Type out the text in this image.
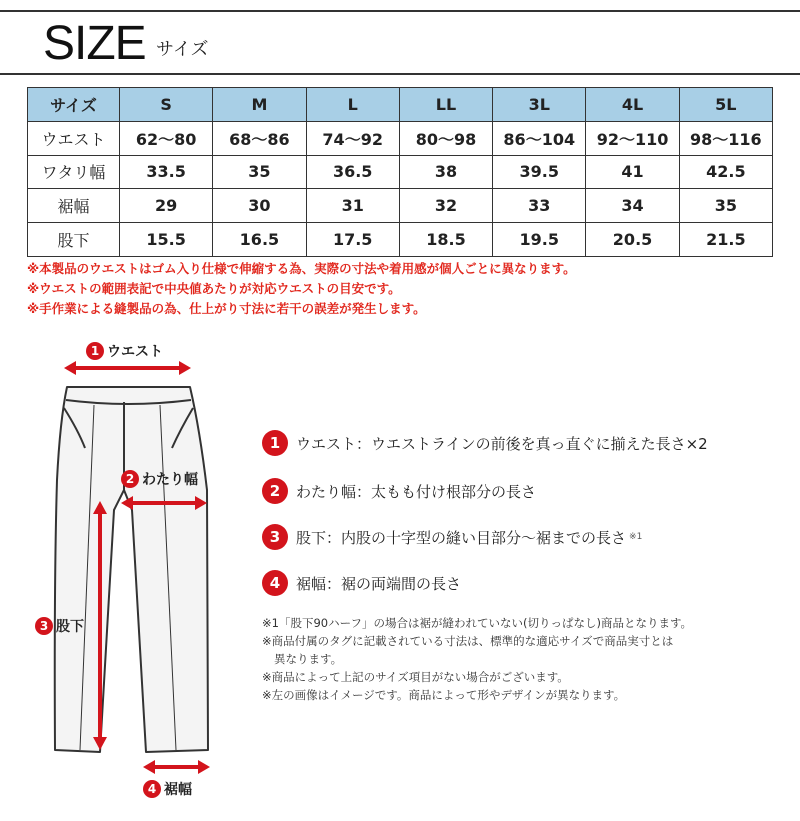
SIZE サイズ
サイズ	S	M	L	LL	3L	4L	5L
ウエスト	62〜80	68〜86	74〜92	80〜98	86〜104	92〜110	98〜116
ワタリ幅	33.5	35	36.5	38	39.5	41	42.5
裾幅	29	30	31	32	33	34	35
股下	15.5	16.5	17.5	18.5	19.5	20.5	21.5
※本製品のウエストはゴム入り仕様で伸縮する為、実際の寸法や着用感が個人ごとに異なります。
※ウエストの範囲表記で中央値あたりが対応ウエストの目安です。
※手作業による縫製品の為、仕上がり寸法に若干の誤差が発生します。
1 ウエスト
2 わたり幅
3 股下
4 裾幅
1	ウエスト ：ウエストラインの前後を真っ直ぐに揃えた長さ×2
2	わたり幅 ：太もも付け根部分の長さ
3	股下 ：内股の十字型の縫い目部分〜裾までの長さ ※1
4	裾幅 ：裾の両端間の長さ
※1「股下90ハーフ」の場合は裾が縫われていない(切りっぱなし)商品となります。
※商品付属のタグに記載されている寸法は、標準的な適応サイズで商品実寸とは
異なります。
※商品によって上記のサイズ項目がない場合がございます。
※左の画像はイメージです。商品によって形やデザインが異なります。
